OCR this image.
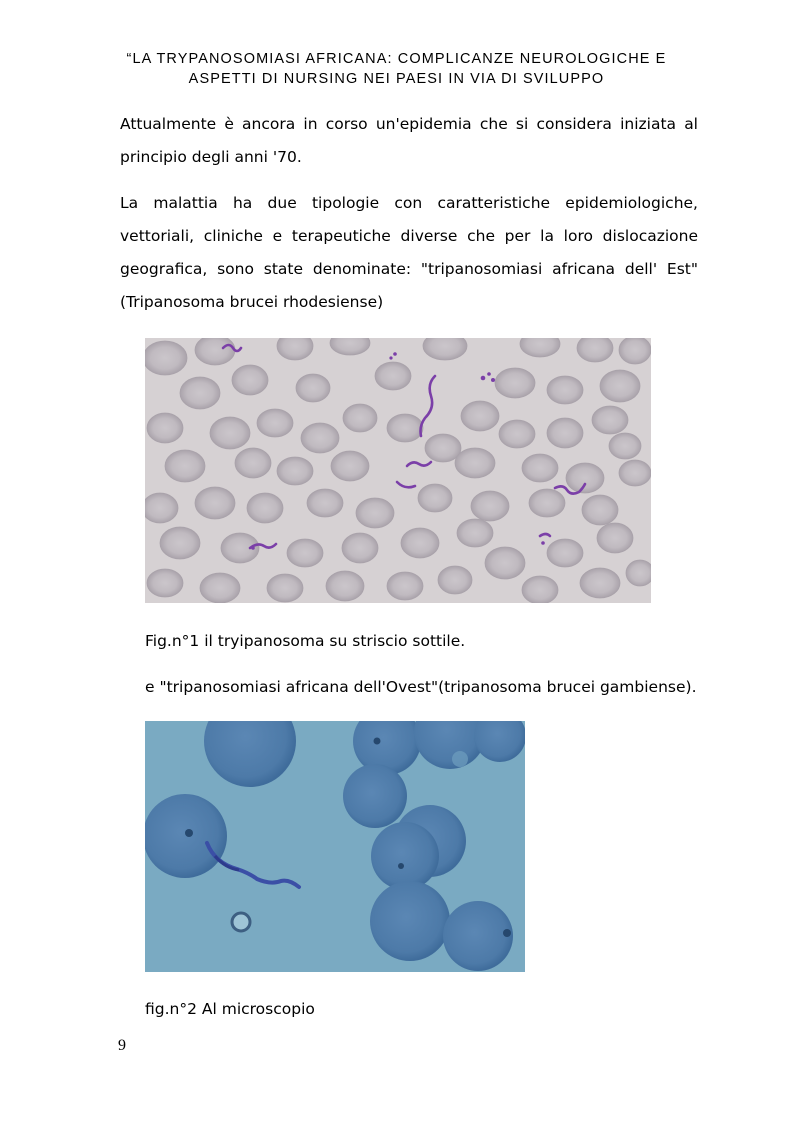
“LA TRYPANOSOMIASI AFRICANA: COMPLICANZE NEUROLOGICHE E
ASPETTI DI NURSING NEI PAESI IN VIA DI SVILUPPO
Attualmente è ancora in corso un'epidemia che si considera iniziata al principio degli anni '70.
La malattia ha due tipologie con caratteristiche epidemiologiche, vettoriali, cliniche e terapeutiche diverse che per la loro dislocazione geografica, sono state denominate: "tripanosomiasi africana dell' Est" (Tripanosoma brucei rhodesiense)
Fig.n°1 il tryipanosoma su striscio sottile.
e "tripanosomiasi africana dell'Ovest"(tripanosoma brucei gambiense).
fig.n°2 Al microscopio
9
